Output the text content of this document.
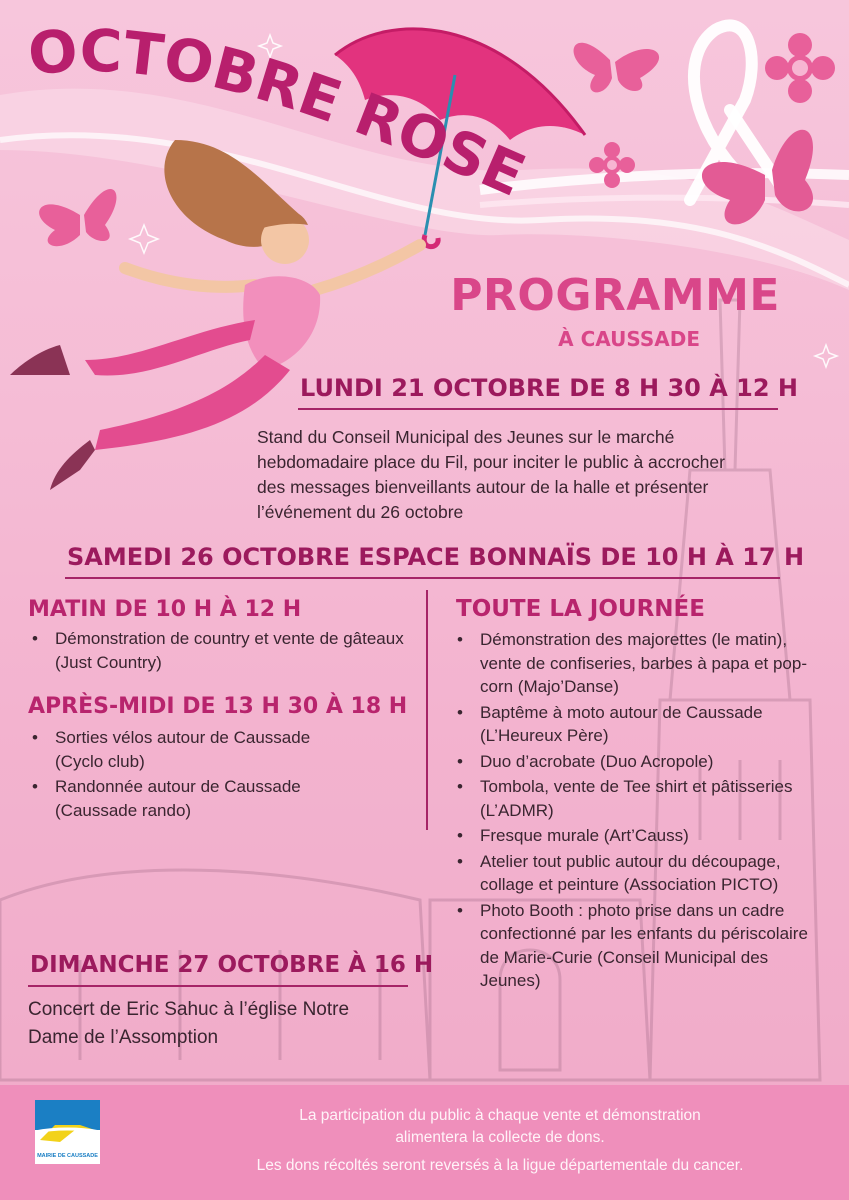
OCTOBRE ROSE
PROGRAMME
À CAUSSADE
LUNDI 21 OCTOBRE DE 8 H 30 À 12 H
Stand du Conseil Municipal des Jeunes sur le marché
hebdomadaire place du Fil, pour inciter le public à accrocher
des messages bienveillants autour de la halle et présenter
l’événement du 26 octobre
SAMEDI 26 OCTOBRE ESPACE BONNAÏS DE 10 H À 17 H
MATIN DE 10 H À 12 H
• Démonstration de country et vente de gâteaux (Just Country)
APRÈS-MIDI DE 13 H 30 À 18 H
• Sorties vélos autour de Caussade (Cyclo club)
• Randonnée autour de Caussade (Caussade rando)
TOUTE LA JOURNÉE
• Démonstration des majorettes (le matin), vente de confiseries, barbes à papa et pop-corn (Majo’Danse)
• Baptême à moto autour de Caussade (L’Heureux Père)
• Duo d’acrobate (Duo Acropole)
• Tombola, vente de Tee shirt et pâtisseries (L’ADMR)
• Fresque murale (Art’Causs)
• Atelier tout public autour du découpage, collage et peinture (Association PICTO)
• Photo Booth : photo prise dans un cadre confectionné par les enfants du périscolaire de Marie-Curie (Conseil Municipal des Jeunes)
DIMANCHE 27 OCTOBRE À 16 H
Concert de Eric Sahuc à l’église Notre
Dame de l’Assomption
MAIRIE DE CAUSSADE
La participation du public à chaque vente et démonstration
alimentera la collecte de dons.
Les dons récoltés seront reversés à la ligue départementale du cancer.
